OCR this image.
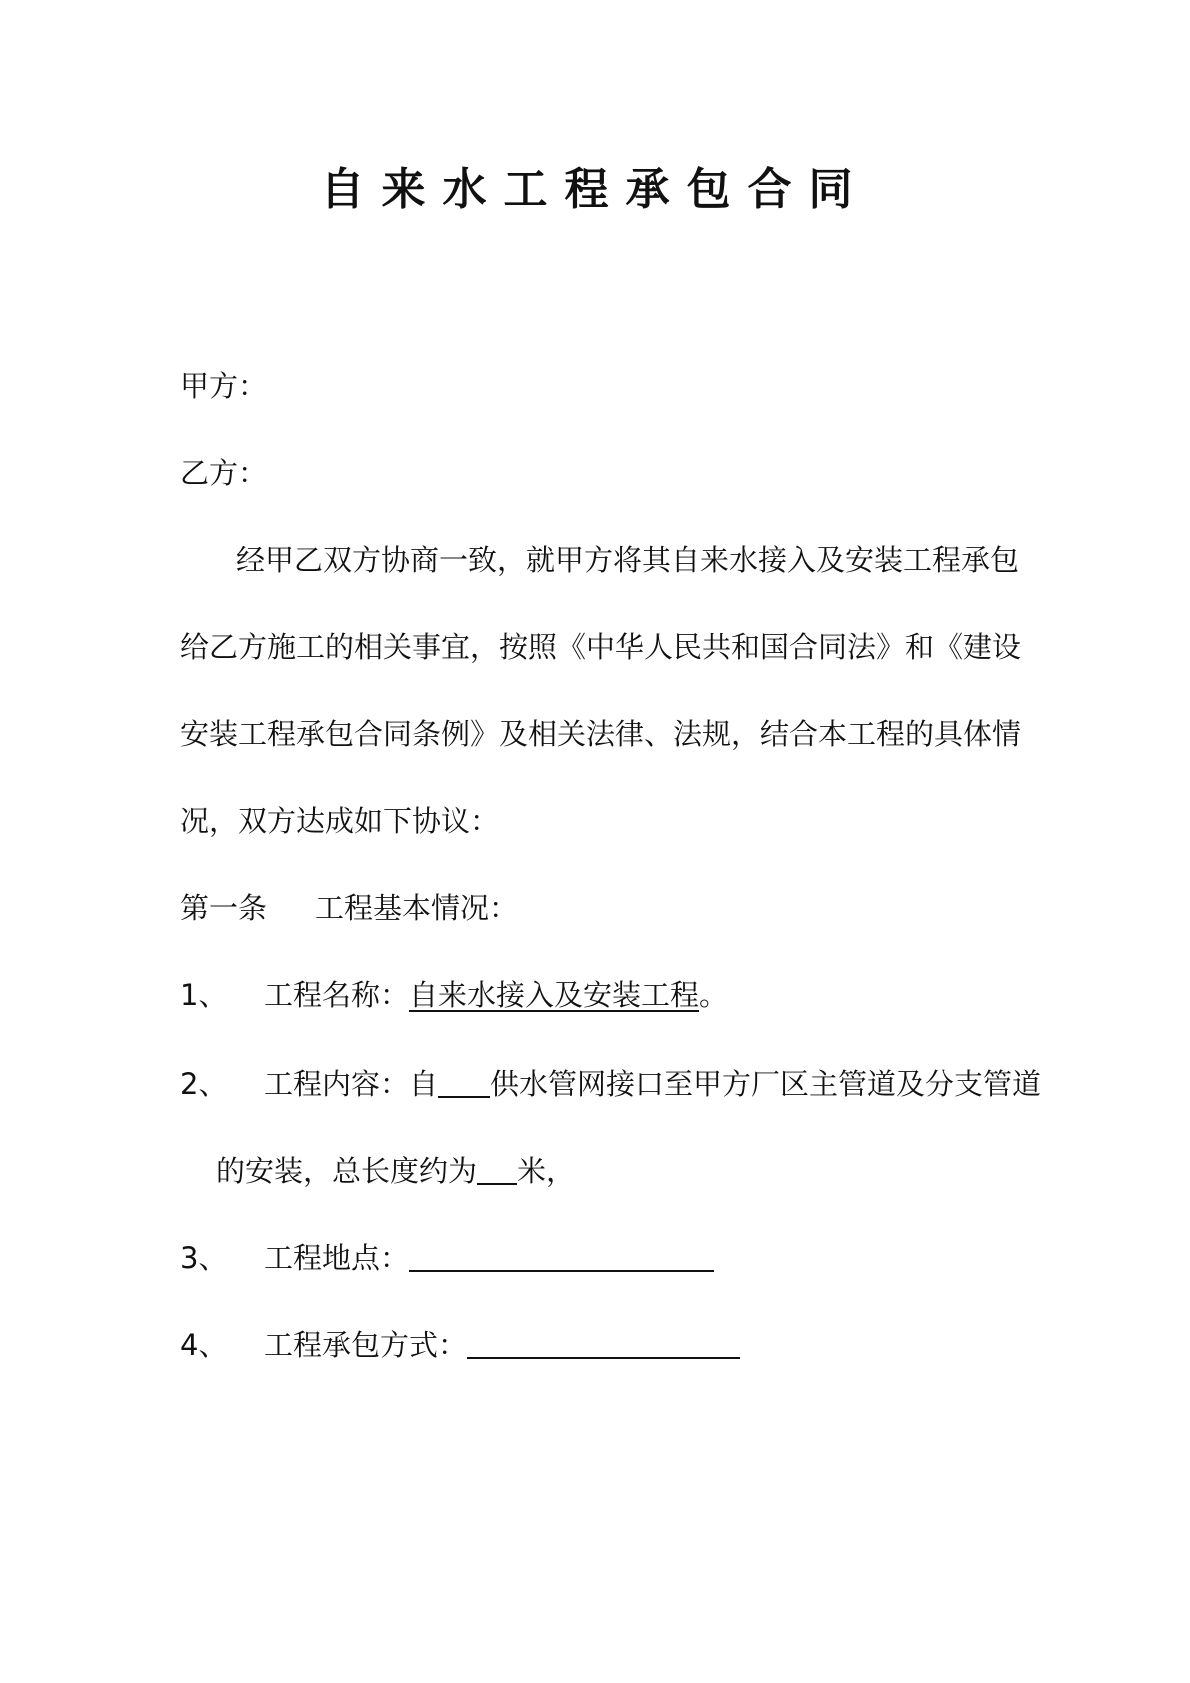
自来水工程承包合同
甲方：
乙方：
经甲乙双方协商一致，就甲方将其自来水接入及安装工程承包
给乙方施工的相关事宜，按照《中华人民共和国合同法》和《建设
安装工程承包合同条例》及相关法律、法规，结合本工程的具体情
况，双方达成如下协议：
第一条 工程基本情况：
1、 工程名称：自来水接入及安装工程。
2、 工程内容：自 供水管网接口至甲方厂区主管道及分支管道
的安装，总长度约为 米，
3、 工程地点：
4、 工程承包方式：
